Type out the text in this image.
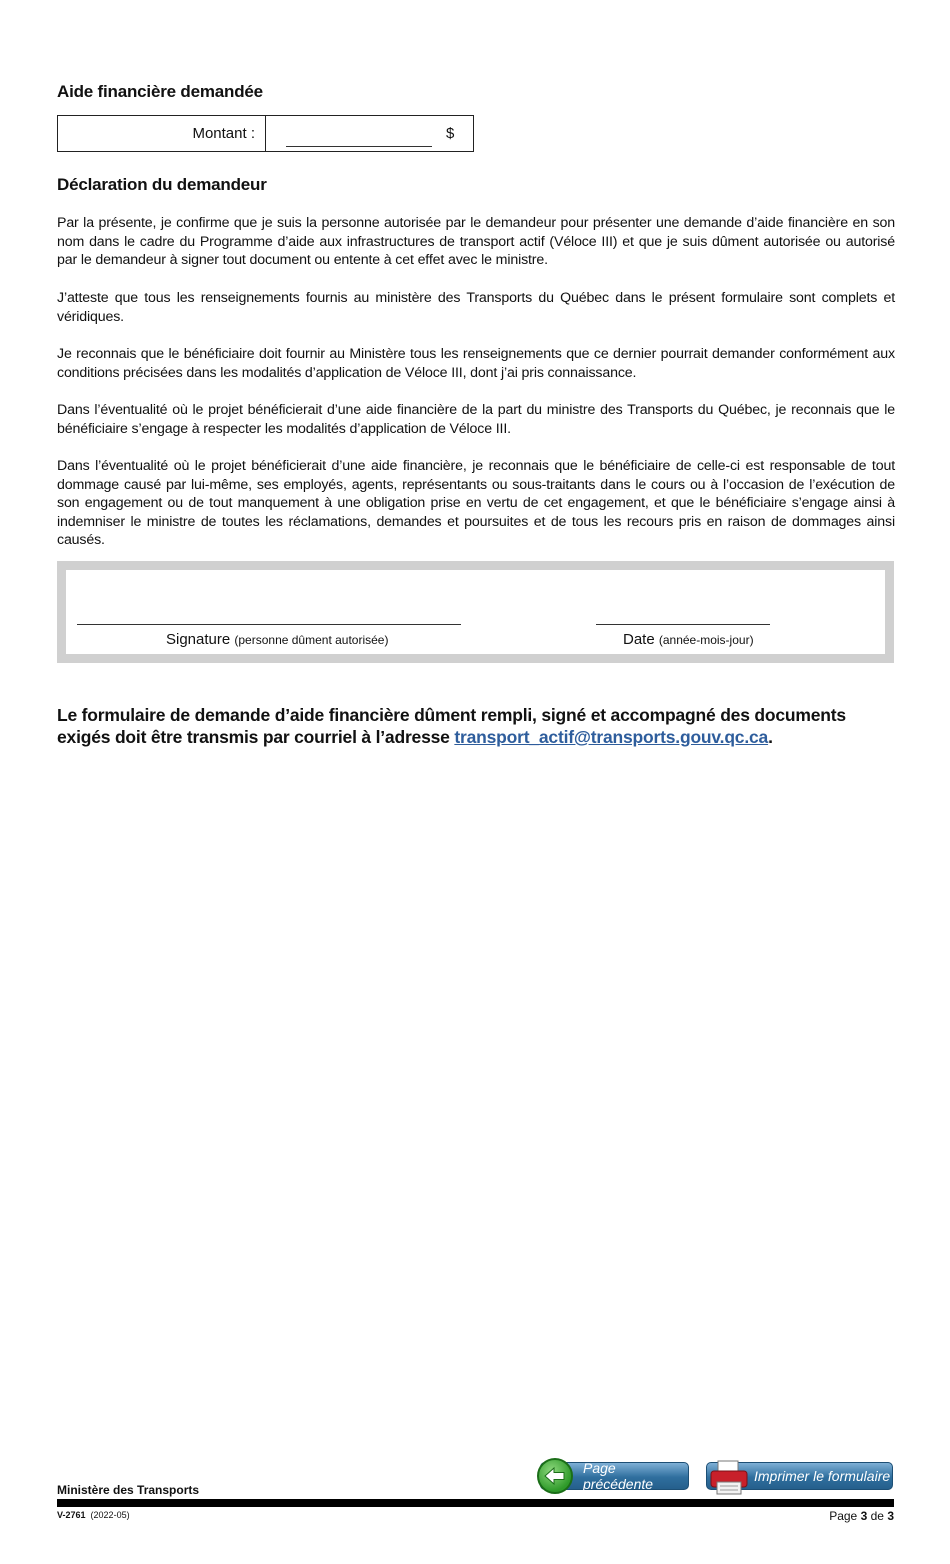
Aide financière demandée
Montant :	$
Déclaration du demandeur

Par la présente, je confirme que je suis la personne autorisée par le demandeur pour présenter une demande d’aide financière en son nom dans le cadre du Programme d’aide aux infrastructures de transport actif (Véloce III) et que je suis dûment autorisée ou autorisé par le demandeur à signer tout document ou entente à cet effet avec le ministre.

J’atteste que tous les renseignements fournis au ministère des Transports du Québec dans le présent formulaire sont complets et véridiques.

Je reconnais que le bénéficiaire doit fournir au Ministère tous les renseignements que ce dernier pourrait demander conformément aux conditions précisées dans les modalités d’application de Véloce III, dont j’ai pris connaissance.

Dans l’éventualité où le projet bénéficierait d’une aide financière de la part du ministre des Transports du Québec, je reconnais que le bénéficiaire s’engage à respecter les modalités d’application de Véloce III.

Dans l’éventualité où le projet bénéficierait d’une aide financière, je reconnais que le bénéficiaire de celle-ci est responsable de tout dommage causé par lui-même, ses employés, agents, représentants ou sous-traitants dans le cours ou à l’occasion de l’exécution de son engagement ou de tout manquement à une obligation prise en vertu de cet engagement, et que le bénéficiaire s’engage ainsi à indemniser le ministre de toutes les réclamations, demandes et poursuites et de tous les recours pris en raison de dommages ainsi causés.

Signature (personne dûment autorisée)	Date (année-mois-jour)

Le formulaire de demande d’aide financière dûment rempli, signé et accompagné des documents exigés doit être transmis par courriel à l’adresse transport_actif@transports.gouv.qc.ca.

Page précédente	Imprimer le formulaire
Ministère des Transports
V-2761 (2022-05)	Page 3 de 3
